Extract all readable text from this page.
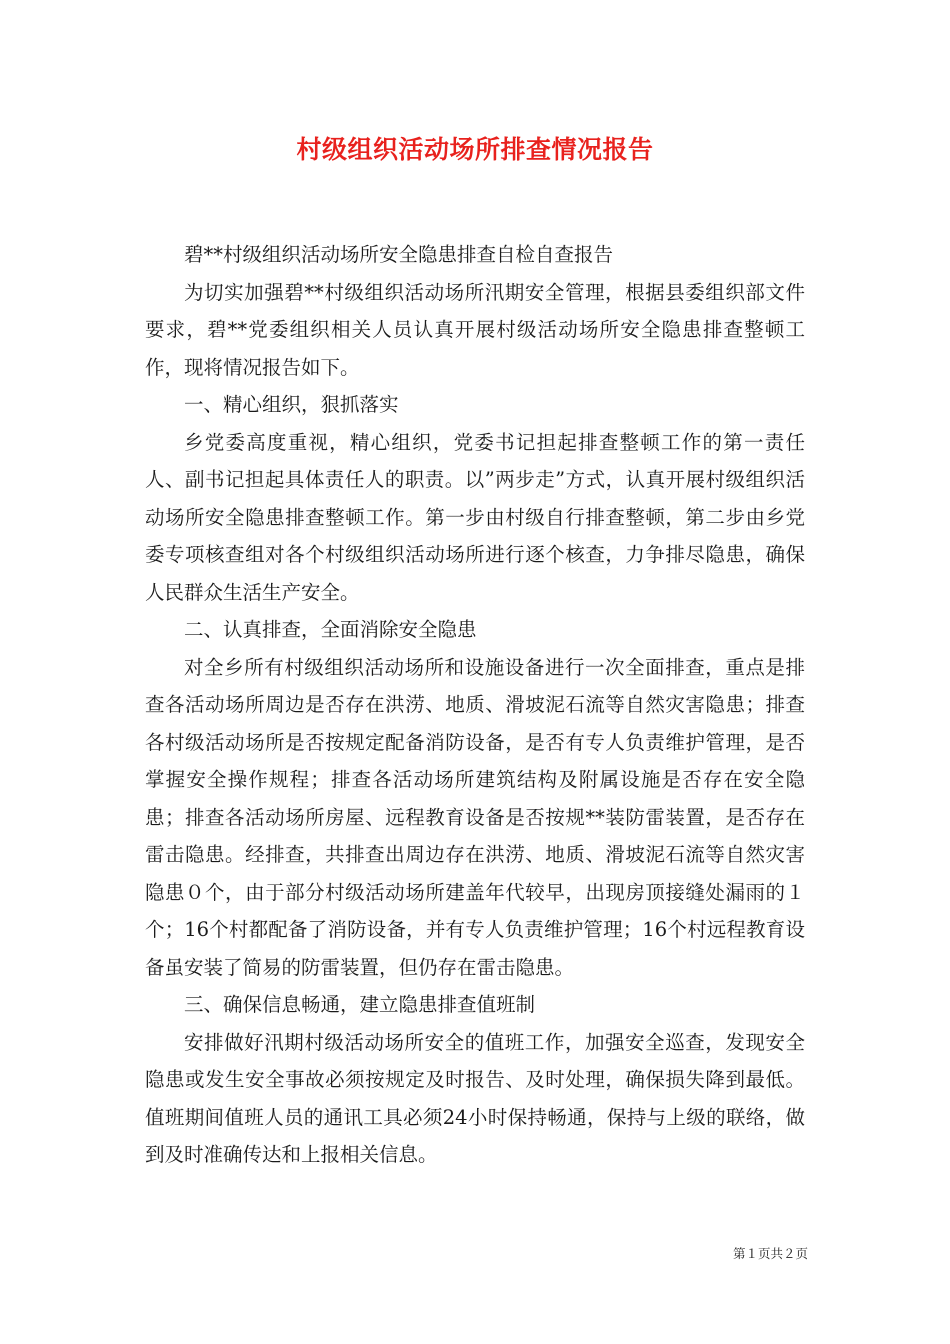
村级组织活动场所排查情况报告

碧**村级组织活动场所安全隐患排查自检自查报告

为切实加强碧**村级组织活动场所汛期安全管理，根据县委组织部文件要求，碧**党委组织相关人员认真开展村级活动场所安全隐患排查整顿工作，现将情况报告如下。

一、精心组织，狠抓落实

乡党委高度重视，精心组织，党委书记担起排查整顿工作的第一责任人、副书记担起具体责任人的职责。以”两步走”方式，认真开展村级组织活动场所安全隐患排查整顿工作。第一步由村级自行排查整顿，第二步由乡党委专项核查组对各个村级组织活动场所进行逐个核查，力争排尽隐患，确保人民群众生活生产安全。

二、认真排查，全面消除安全隐患

对全乡所有村级组织活动场所和设施设备进行一次全面排查，重点是排查各活动场所周边是否存在洪涝、地质、滑坡泥石流等自然灾害隐患；排查各村级活动场所是否按规定配备消防设备，是否有专人负责维护管理，是否掌握安全操作规程；排查各活动场所建筑结构及附属设施是否存在安全隐患；排查各活动场所房屋、远程教育设备是否按规**装防雷装置，是否存在雷击隐患。经排查，共排查出周边存在洪涝、地质、滑坡泥石流等自然灾害隐患０个，由于部分村级活动场所建盖年代较早，出现房顶接缝处漏雨的１个；16个村都配备了消防设备，并有专人负责维护管理；16个村远程教育设备虽安装了简易的防雷装置，但仍存在雷击隐患。

三、确保信息畅通，建立隐患排查值班制

安排做好汛期村级活动场所安全的值班工作，加强安全巡查，发现安全隐患或发生安全事故必须按规定及时报告、及时处理，确保损失降到最低。值班期间值班人员的通讯工具必须24小时保持畅通，保持与上级的联络，做到及时准确传达和上报相关信息。

第１页共２页
